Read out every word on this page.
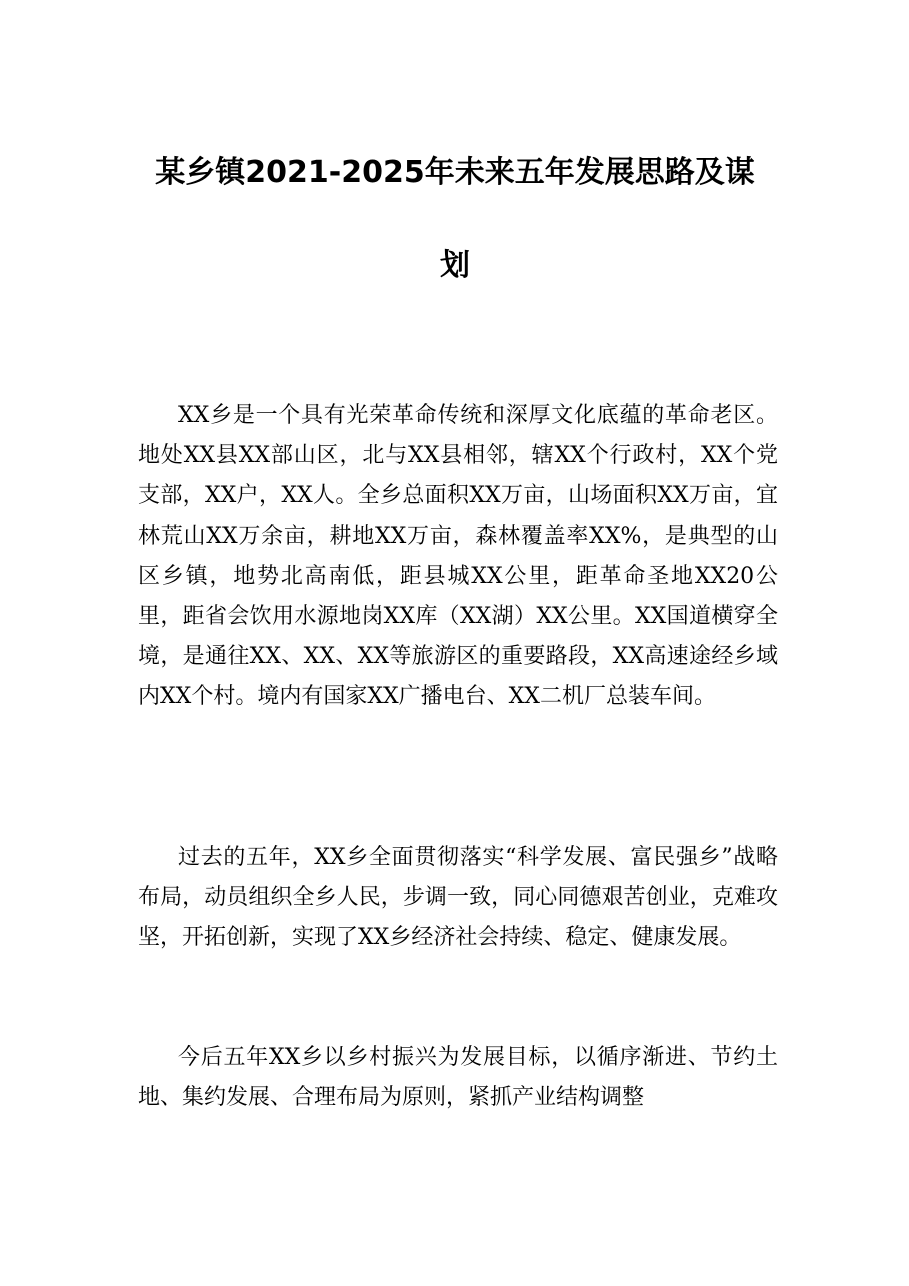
某乡镇2021-2025年未来五年发展思路及谋
划

XX乡是一个具有光荣革命传统和深厚文化底蕴的革命老区。地处XX县XX部山区，北与XX县相邻，辖XX个行政村，XX个党支部，XX户，XX人。全乡总面积XX万亩，山场面积XX万亩，宜林荒山XX万余亩，耕地XX万亩，森林覆盖率XX%，是典型的山区乡镇，地势北高南低，距县城XX公里，距革命圣地XX20公里，距省会饮用水源地岗XX库（XX湖）XX公里。XX国道横穿全境，是通往XX、XX、XX等旅游区的重要路段，XX高速途经乡域内XX个村。境内有国家XX广播电台、XX二机厂总装车间。

过去的五年，XX乡全面贯彻落实“科学发展、富民强乡”战略布局，动员组织全乡人民，步调一致，同心同德艰苦创业，克难攻坚，开拓创新，实现了XX乡经济社会持续、稳定、健康发展。

今后五年XX乡以乡村振兴为发展目标，以循序渐进、节约土地、集约发展、合理布局为原则，紧抓产业结构调整
